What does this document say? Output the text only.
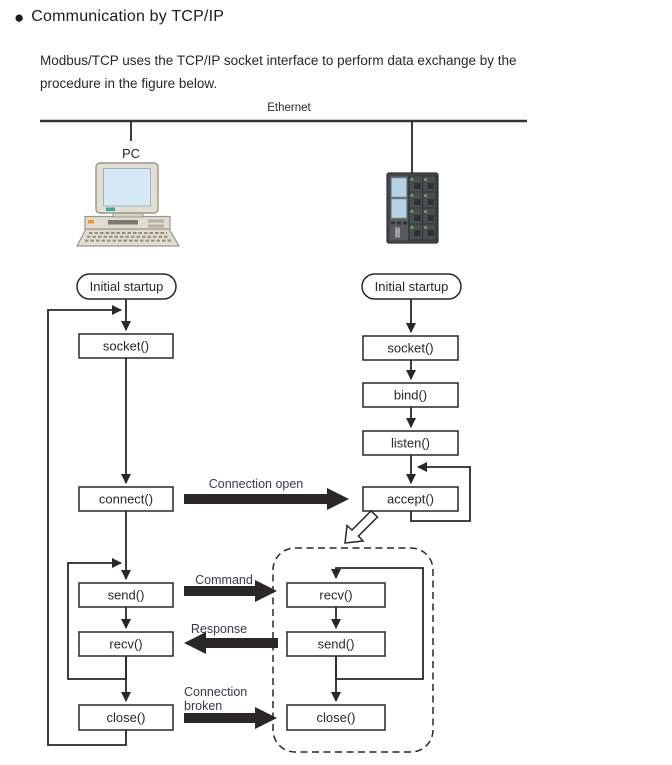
● Communication by TCP/IP
Modbus/TCP uses the TCP/IP socket interface to perform data exchange by the
procedure in the figure below.
Ethernet
PC
Initial startup
socket()
connect()
send()
recv()
close()
Initial startup
socket()
bind()
listen()
accept()
recv()
send()
close()
Connection open
Command
Response
Connection
broken
